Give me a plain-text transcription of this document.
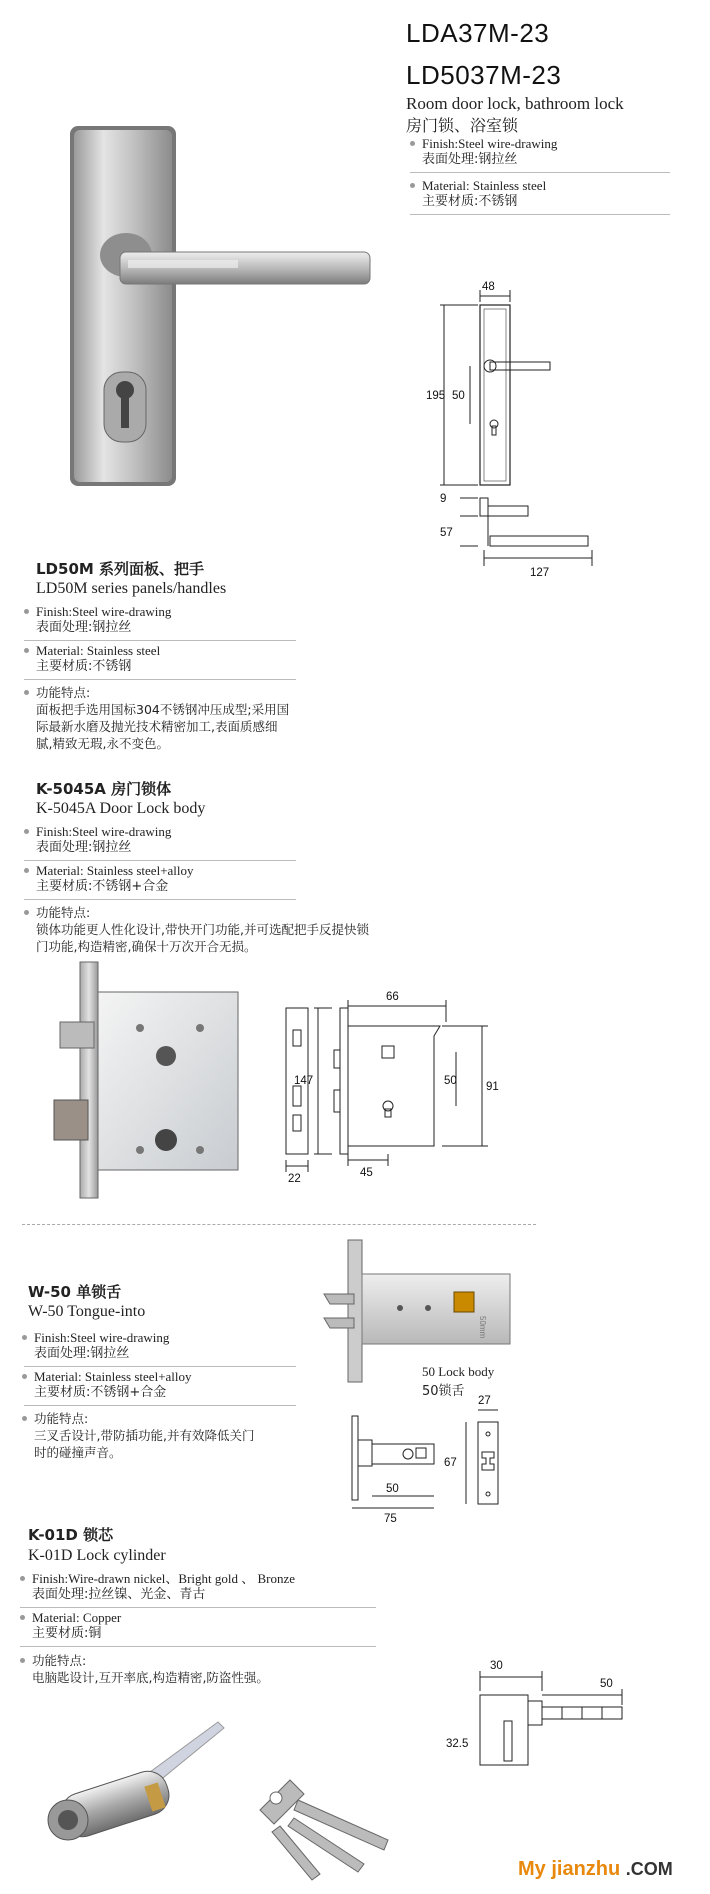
LDA37M-23
LD5037M-23
Room door lock, bathroom lock
房门锁、浴室锁
Finish:Steel wire-drawing
表面处理:钢拉丝
Material: Stainless steel
主要材质:不锈钢
48
195 50
9
57
127
LD50M 系列面板、把手
LD50M series panels/handles
Finish:Steel wire-drawing
表面处理:钢拉丝
Material: Stainless steel
主要材质:不锈钢
功能特点:
面板把手选用国标304不锈钢冲压成型;采用国
际最新水磨及抛光技术精密加工,表面质感细
腻,精致无瑕,永不变色。
K-5045A 房门锁体
K-5045A Door Lock body
Finish:Steel wire-drawing
表面处理:钢拉丝
Material: Stainless steel+alloy
主要材质:不锈钢+合金
功能特点:
锁体功能更人性化设计,带快开门功能,并可选配把手反提快锁
门功能,构造精密,确保十万次开合无损。
22
66
147	50	91
45
W-50 单锁舌
W-50 Tongue-into
Finish:Steel wire-drawing
表面处理:钢拉丝
Material: Stainless steel+alloy
主要材质:不锈钢+合金
功能特点:
三叉舌设计,带防插功能,并有效降低关门
时的碰撞声音。
50mm
50 Lock body
50锁舌
50
75
27
67
K-01D 锁芯
K-01D Lock cylinder
Finish:Wire-drawn nickel、Bright gold 、 Bronze
表面处理:拉丝镍、光金、青古
Material: Copper
主要材质:铜
功能特点:
电脑匙设计,互开率底,构造精密,防盗性强。
30
50
32.5
My jianzhu .COM
